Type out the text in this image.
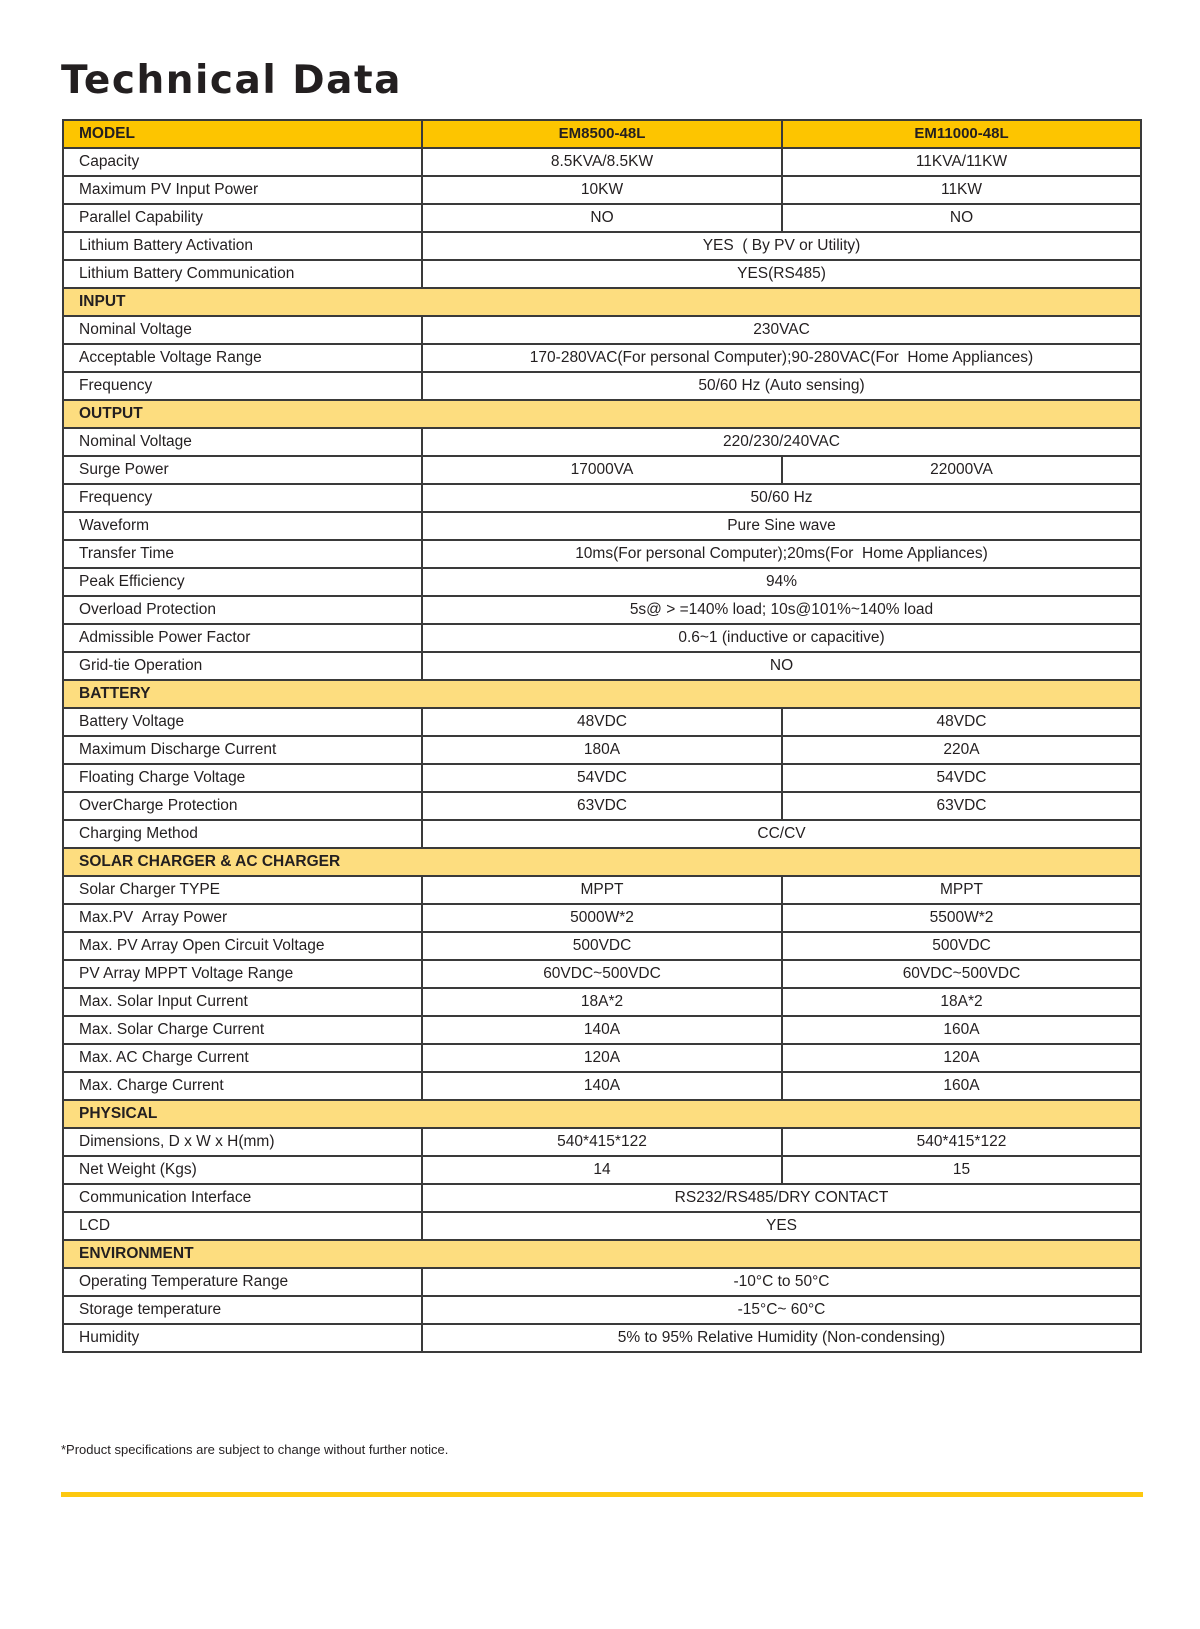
Technical Data
MODEL	EM8500-48L	EM11000-48L
Capacity	8.5KVA/8.5KW	11KVA/11KW
Maximum PV Input Power	10KW	11KW
Parallel Capability	NO	NO
Lithium Battery Activation	YES  ( By PV or Utility)	
Lithium Battery Communication	YES(RS485)	
INPUT		
Nominal Voltage	230VAC	
Acceptable Voltage Range	170-280VAC(For personal Computer);90-280VAC(For  Home Appliances)	
Frequency	50/60 Hz (Auto sensing)	
OUTPUT		
Nominal Voltage	220/230/240VAC	
Surge Power	17000VA	22000VA
Frequency	50/60 Hz	
Waveform	Pure Sine wave	
Transfer Time	10ms(For personal Computer);20ms(For  Home Appliances)	
Peak Efficiency	94%	
Overload Protection	5s@ > =140% load; 10s@101%~140% load	
Admissible Power Factor	0.6~1 (inductive or capacitive)	
Grid-tie Operation	NO	
BATTERY		
Battery Voltage	48VDC	48VDC
Maximum Discharge Current	180A	220A
Floating Charge Voltage	54VDC	54VDC
OverCharge Protection	63VDC	63VDC
Charging Method	CC/CV	
SOLAR CHARGER & AC CHARGER		
Solar Charger TYPE	MPPT	MPPT
Max.PV  Array Power	5000W*2	5500W*2
Max. PV Array Open Circuit Voltage	500VDC	500VDC
PV Array MPPT Voltage Range	60VDC~500VDC	60VDC~500VDC
Max. Solar Input Current	18A*2	18A*2
Max. Solar Charge Current	140A	160A
Max. AC Charge Current	120A	120A
Max. Charge Current	140A	160A
PHYSICAL		
Dimensions, D x W x H(mm)	540*415*122	540*415*122
Net Weight (Kgs)	14	15
Communication Interface	RS232/RS485/DRY CONTACT	
LCD	YES	
ENVIRONMENT		
Operating Temperature Range	-10°C to 50°C	
Storage temperature	-15°C~ 60°C	
Humidity	5% to 95% Relative Humidity (Non-condensing)	
*Product specifications are subject to change without further notice.
